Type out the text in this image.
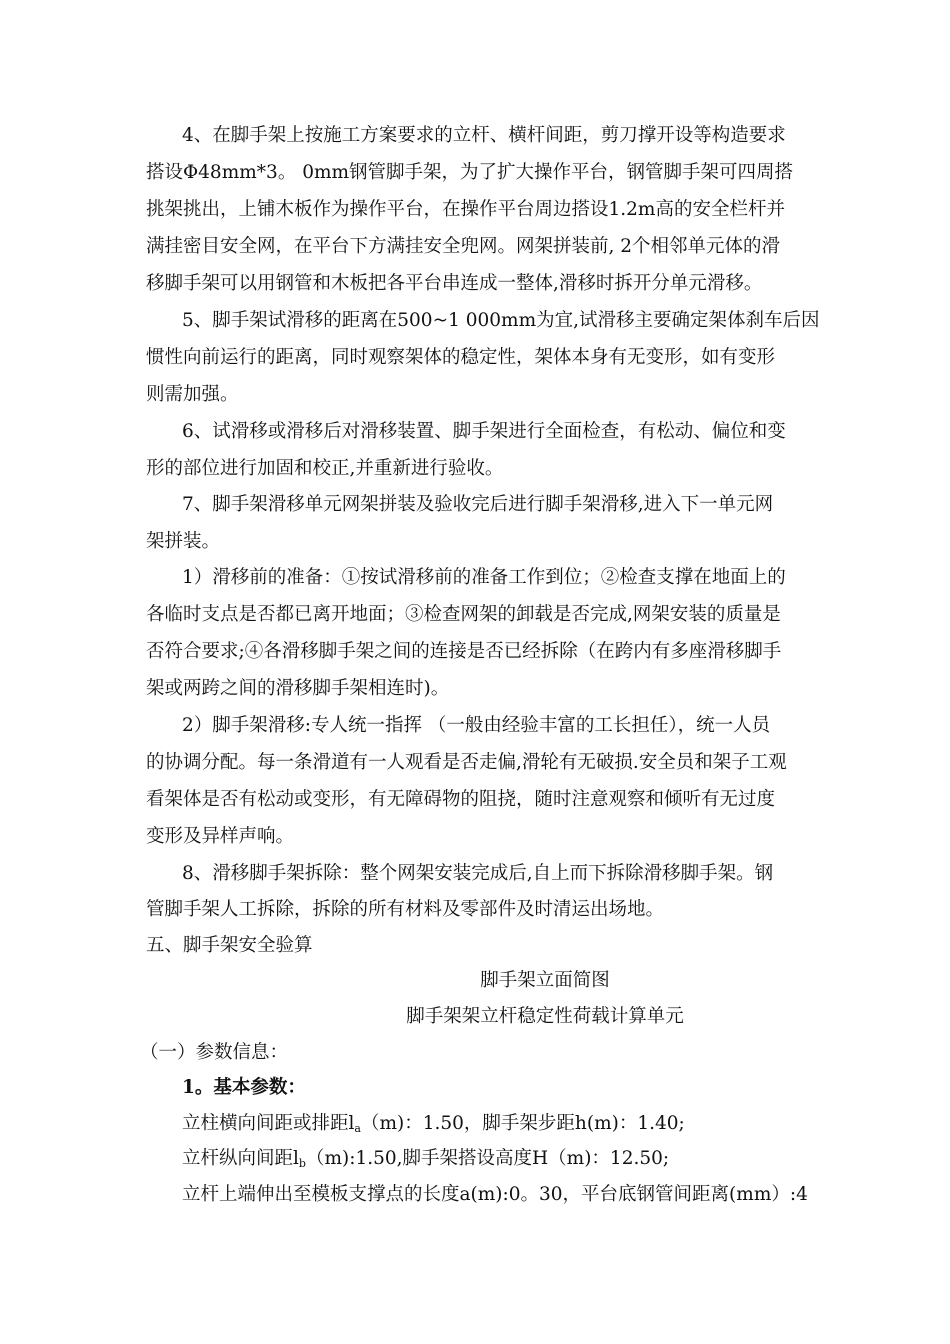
4、在脚手架上按施工方案要求的立杆、横杆间距，剪刀撑开设等构造要求
搭设Φ48mm*3。 0mm钢管脚手架，为了扩大操作平台，钢管脚手架可四周搭
挑架挑出，上铺木板作为操作平台，在操作平台周边搭设1.2m高的安全栏杆并
满挂密目安全网，在平台下方满挂安全兜网。网架拼装前, 2个相邻单元体的滑
移脚手架可以用钢管和木板把各平台串连成一整体,滑移时拆开分单元滑移。
5、脚手架试滑移的距离在500~1 000mm为宜,试滑移主要确定架体刹车后因
惯性向前运行的距离，同时观察架体的稳定性，架体本身有无变形，如有变形
则需加强。
6、试滑移或滑移后对滑移装置、脚手架进行全面检查，有松动、偏位和变
形的部位进行加固和校正,并重新进行验收。
7、脚手架滑移单元网架拼装及验收完后进行脚手架滑移,进入下一单元网
架拼装。
1）滑移前的准备：①按试滑移前的准备工作到位；②检查支撑在地面上的
各临时支点是否都已离开地面；③检查网架的卸载是否完成,网架安装的质量是
否符合要求;④各滑移脚手架之间的连接是否已经拆除（在跨内有多座滑移脚手
架或两跨之间的滑移脚手架相连时)。
2）脚手架滑移:专人统一指挥 （一般由经验丰富的工长担任），统一人员
的协调分配。每一条滑道有一人观看是否走偏,滑轮有无破损.安全员和架子工观
看架体是否有松动或变形，有无障碍物的阻挠，随时注意观察和倾听有无过度
变形及异样声响。
8、滑移脚手架拆除：整个网架安装完成后,自上而下拆除滑移脚手架。钢
管脚手架人工拆除，拆除的所有材料及零部件及时清运出场地。
五、脚手架安全验算
脚手架立面简图
脚手架架立杆稳定性荷载计算单元
（一）参数信息：
1。基本参数：
立柱横向间距或排距$l_a(m)$：1.50，脚手架步距h(m)：1.40;
立杆纵向间距$l_b(m):1.50$,脚手架搭设高度H（m)：12.50;
立杆上端伸出至模板支撑点的长度a(m):0。30，平台底钢管间距离(mm）:4
